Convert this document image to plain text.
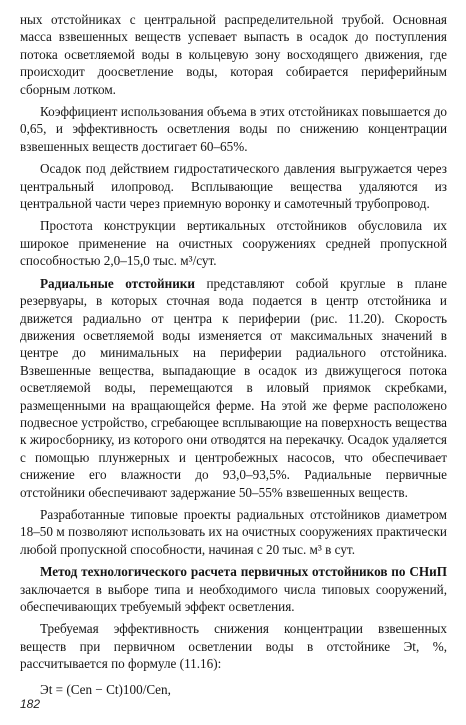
ных отстойниках с центральной распределительной трубой. Основная масса взвешенных веществ успевает выпасть в осадок до поступления потока осветляемой воды в кольцевую зону восходящего движения, где происходит доосветление воды, которая собирается периферийным сборным лотком.

Коэффициент использования объема в этих отстойниках повышается до 0,65, и эффективность осветления воды по снижению концентрации взвешенных веществ достигает 60–65%.

Осадок под действием гидростатического давления выгружается через центральный илопровод. Всплывающие вещества удаляются из центральной части через приемную воронку и самотечный трубопровод.

Простота конструкции вертикальных отстойников обусловила их широкое применение на очистных сооружениях средней пропускной способностью 2,0–15,0 тыс. м³/сут.

Радиальные отстойники представляют собой круглые в плане резервуары, в которых сточная вода подается в центр отстойника и движется радиально от центра к периферии (рис. 11.20). Скорость движения осветляемой воды изменяется от максимальных значений в центре до минимальных на периферии радиального отстойника. Взвешенные вещества, выпадающие в осадок из движущегося потока осветляемой воды, перемещаются в иловый приямок скребками, размещенными на вращающейся ферме. На этой же ферме расположено подвесное устройство, сгребающее всплывающие на поверхность вещества к жиросборнику, из которого они отводятся на перекачку. Осадок удаляется с помощью плунжерных и центробежных насосов, что обеспечивает снижение его влажности до 93,0–93,5%. Радиальные первичные отстойники обеспечивают задержание 50–55% взвешенных веществ.

Разработанные типовые проекты радиальных отстойников диаметром 18–50 м позволяют использовать их на очистных сооружениях практически любой пропускной способности, начиная с 20 тыс. м³ в сут.

Метод технологического расчета первичных отстойников по СНиП заключается в выборе типа и необходимого числа типовых сооружений, обеспечивающих требуемый эффект осветления.

Требуемая эффективность снижения концентрации взвешенных веществ при первичном осветлении воды в отстойнике Эt, %, рассчитывается по формуле (11.16):

Эt = (Cen − Ct)100/Cen,
182
